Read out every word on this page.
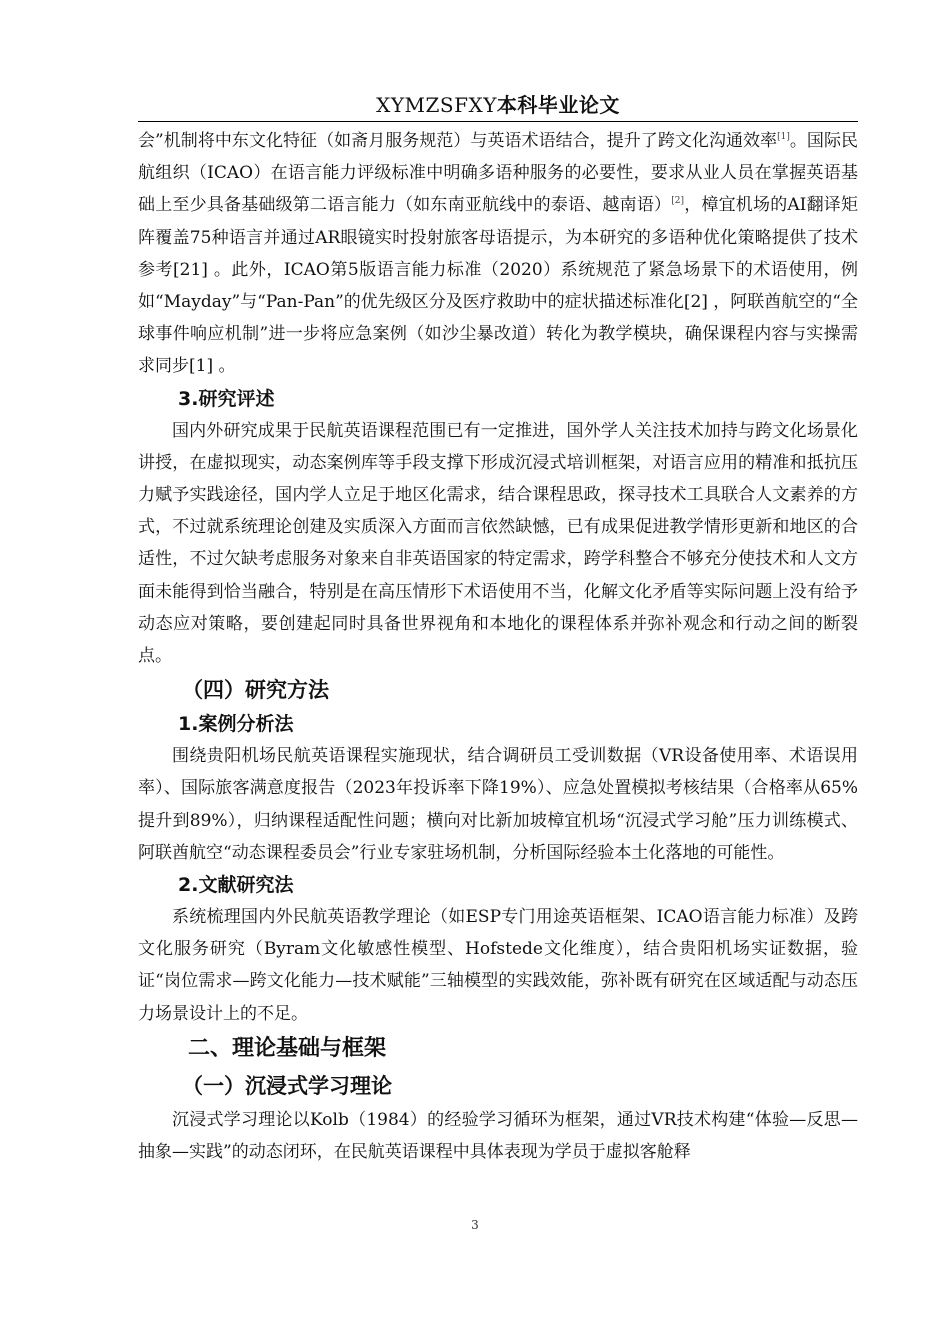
XYMZSFXY本科毕业论文

会”机制将中东文化特征（如斋月服务规范）与英语术语结合，提升了跨文化沟通效率[1]。国际民航组织（ICAO）在语言能力评级标准中明确多语种服务的必要性，要求从业人员在掌握英语基础上至少具备基础级第二语言能力（如东南亚航线中的泰语、越南语）[2]，樟宜机场的AI翻译矩阵覆盖75种语言并通过AR眼镜实时投射旅客母语提示，为本研究的多语种优化策略提供了技术参考[21] 。此外，ICAO第5版语言能力标准（2020）系统规范了紧急场景下的术语使用，例如“Mayday”与“Pan-Pan”的优先级区分及医疗救助中的症状描述标准化[2] ，阿联酋航空的“全球事件响应机制”进一步将应急案例（如沙尘暴改道）转化为教学模块，确保课程内容与实操需求同步[1] 。

3.研究评述

国内外研究成果于民航英语课程范围已有一定推进，国外学人关注技术加持与跨文化场景化讲授，在虚拟现实，动态案例库等手段支撑下形成沉浸式培训框架，对语言应用的精准和抵抗压力赋予实践途径，国内学人立足于地区化需求，结合课程思政，探寻技术工具联合人文素养的方式，不过就系统理论创建及实质深入方面而言依然缺憾，已有成果促进教学情形更新和地区的合适性，不过欠缺考虑服务对象来自非英语国家的特定需求，跨学科整合不够充分使技术和人文方面未能得到恰当融合，特别是在高压情形下术语使用不当，化解文化矛盾等实际问题上没有给予动态应对策略，要创建起同时具备世界视角和本地化的课程体系并弥补观念和行动之间的断裂点。

（四）研究方法
1.案例分析法

围绕贵阳机场民航英语课程实施现状，结合调研员工受训数据（VR设备使用率、术语误用率）、国际旅客满意度报告（2023年投诉率下降19%）、应急处置模拟考核结果（合格率从65%提升到89%），归纳课程适配性问题；横向对比新加坡樟宜机场“沉浸式学习舱”压力训练模式、阿联酋航空“动态课程委员会”行业专家驻场机制，分析国际经验本土化落地的可能性。

2.文献研究法

系统梳理国内外民航英语教学理论（如ESP专门用途英语框架、ICAO语言能力标准）及跨文化服务研究（Byram文化敏感性模型、Hofstede文化维度），结合贵阳机场实证数据，验证“岗位需求—跨文化能力—技术赋能”三轴模型的实践效能，弥补既有研究在区域适配与动态压力场景设计上的不足。

二、理论基础与框架
（一）沉浸式学习理论

沉浸式学习理论以Kolb（1984）的经验学习循环为框架，通过VR技术构建“体验—反思—抽象—实践”的动态闭环，在民航英语课程中具体表现为学员于虚拟客舱释

3
